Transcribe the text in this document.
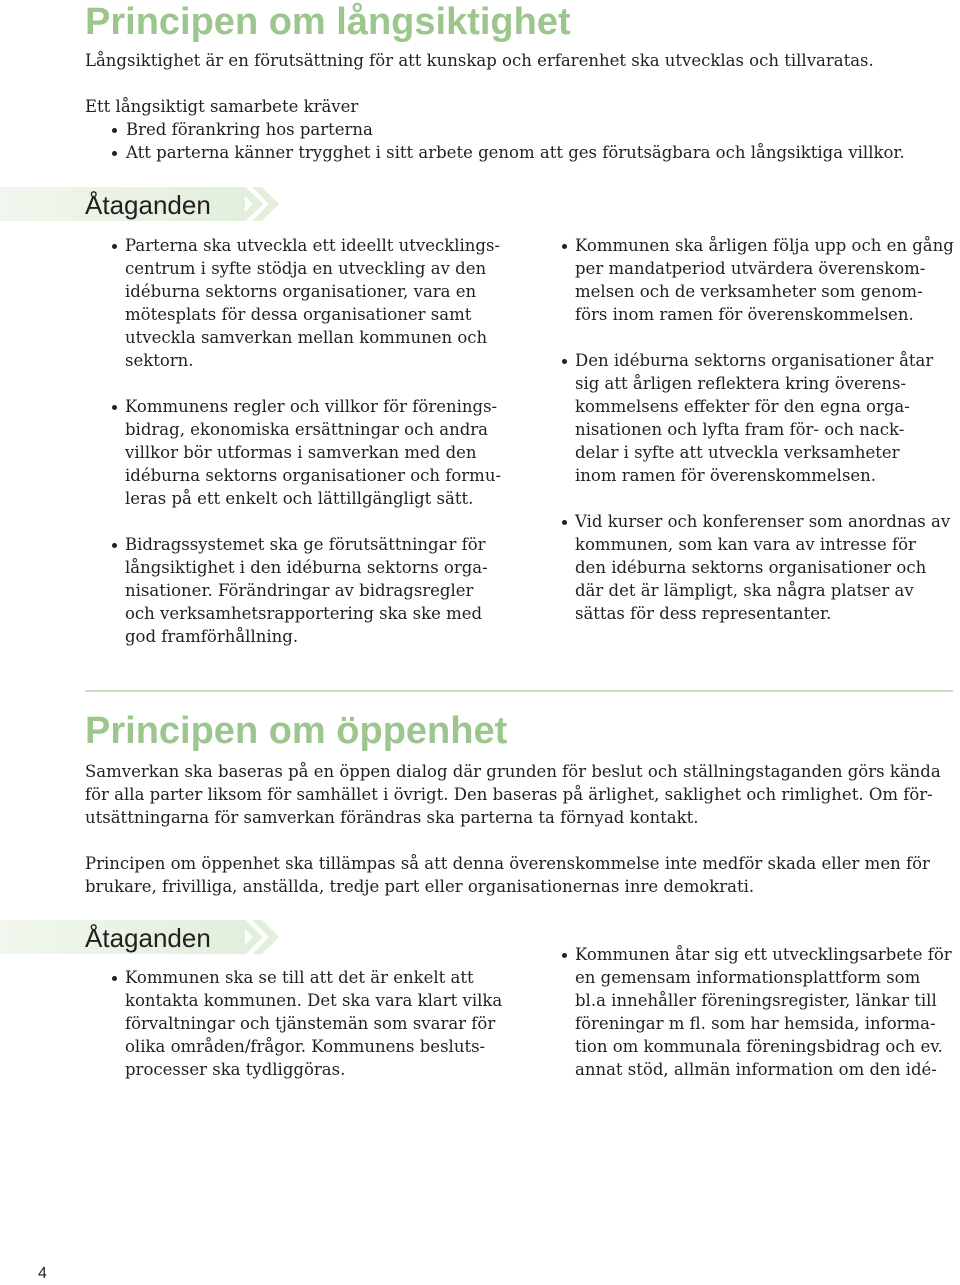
Principen om långsiktighet

Långsiktighet är en förutsättning för att kunskap och erfarenhet ska utvecklas och tillvaratas.

Ett långsiktigt samarbete kräver

Bred förankring hos parterna
Att parterna känner trygghet i sitt arbete genom att ges förutsägbara och långsiktiga villkor.
Åtaganden
Parterna ska utveckla ett ideellt utvecklings-
centrum i syfte stödja en utveckling av den
idéburna sektorns organisationer, vara en
mötesplats för dessa organisationer samt
utveckla samverkan mellan kommunen och
sektorn.
Kommunens regler och villkor för förenings-
bidrag, ekonomiska ersättningar och andra
villkor bör utformas i samverkan med den
idéburna sektorns organisationer och formu-
leras på ett enkelt och lättillgängligt sätt.
Bidragssystemet ska ge förutsättningar för
långsiktighet i den idéburna sektorns orga-
nisationer. Förändringar av bidragsregler
och verksamhetsrapportering ska ske med
god framförhållning.
Kommunen ska årligen följa upp och en gång
per mandatperiod utvärdera överenskom-
melsen och de verksamheter som genom-
förs inom ramen för överenskommelsen.
Den idéburna sektorns organisationer åtar
sig att årligen reflektera kring överens-
kommelsens effekter för den egna orga-
nisationen och lyfta fram för- och nack-
delar i syfte att utveckla verksamheter
inom ramen för överenskommelsen.
Vid kurser och konferenser som anordnas av
kommunen, som kan vara av intresse för
den idéburna sektorns organisationer och
där det är lämpligt, ska några platser av
sättas för dess representanter.
Principen om öppenhet

Samverkan ska baseras på en öppen dialog där grunden för beslut och ställningstaganden görs kända

för alla parter liksom för samhället i övrigt. Den baseras på ärlighet, saklighet och rimlighet. Om för-

utsättningarna för samverkan förändras ska parterna ta förnyad kontakt.

Principen om öppenhet ska tillämpas så att denna överenskommelse inte medför skada eller men för

brukare, frivilliga, anställda, tredje part eller organisationernas inre demokrati.

Åtaganden
Kommunen ska se till att det är enkelt att
kontakta kommunen. Det ska vara klart vilka
förvaltningar och tjänstemän som svarar för
olika områden/frågor. Kommunens besluts-
processer ska tydliggöras.
Kommunen åtar sig ett utvecklingsarbete för
en gemensam informationsplattform som
bl.a innehåller föreningsregister, länkar till
föreningar m fl. som har hemsida, informa-
tion om kommunala föreningsbidrag och ev.
annat stöd, allmän information om den idé-
4
